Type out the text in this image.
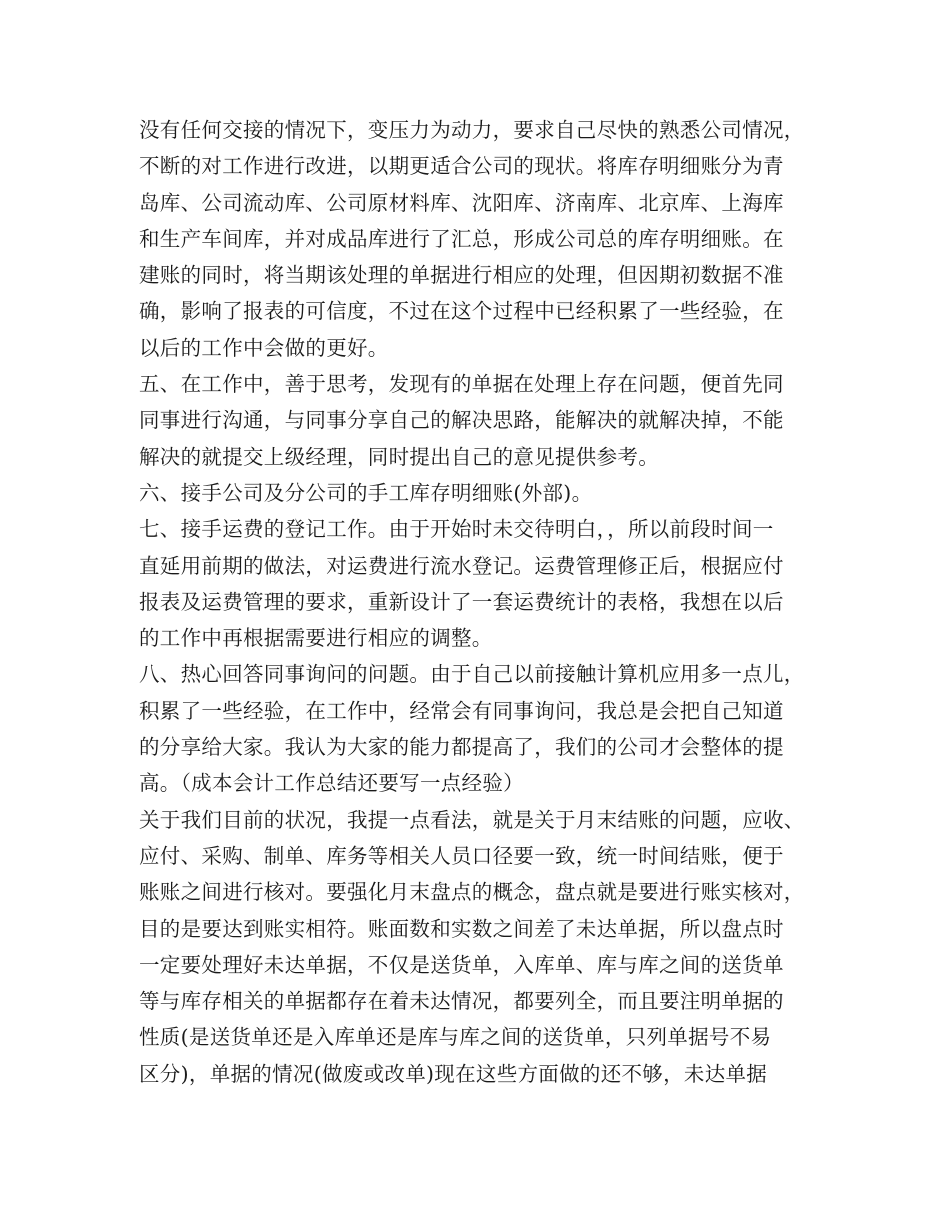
没有任何交接的情况下，变压力为动力，要求自己尽快的熟悉公司情况，

不断的对工作进行改进，以期更适合公司的现状。将库存明细账分为青

岛库、公司流动库、公司原材料库、沈阳库、济南库、北京库、上海库

和生产车间库，并对成品库进行了汇总，形成公司总的库存明细账。在

建账的同时，将当期该处理的单据进行相应的处理，但因期初数据不准

确，影响了报表的可信度，不过在这个过程中已经积累了一些经验，在

以后的工作中会做的更好。

五、在工作中，善于思考，发现有的单据在处理上存在问题，便首先同

同事进行沟通，与同事分享自己的解决思路，能解决的就解决掉，不能

解决的就提交上级经理，同时提出自己的意见提供参考。

六、接手公司及分公司的手工库存明细账(外部)。

七、接手运费的登记工作。由于开始时未交待明白，，所以前段时间一

直延用前期的做法，对运费进行流水登记。运费管理修正后，根据应付

报表及运费管理的要求，重新设计了一套运费统计的表格，我想在以后

的工作中再根据需要进行相应的调整。

八、热心回答同事询问的问题。由于自己以前接触计算机应用多一点儿，

积累了一些经验，在工作中，经常会有同事询问，我总是会把自己知道

的分享给大家。我认为大家的能力都提高了，我们的公司才会整体的提

高。（成本会计工作总结还要写一点经验）

关于我们目前的状况，我提一点看法，就是关于月末结账的问题，应收、

应付、采购、制单、库务等相关人员口径要一致，统一时间结账，便于

账账之间进行核对。要强化月末盘点的概念，盘点就是要进行账实核对，

目的是要达到账实相符。账面数和实数之间差了未达单据，所以盘点时

一定要处理好未达单据，不仅是送货单，入库单、库与库之间的送货单

等与库存相关的单据都存在着未达情况，都要列全，而且要注明单据的

性质(是送货单还是入库单还是库与库之间的送货单，只列单据号不易

区分)，单据的情况(做废或改单)现在这些方面做的还不够，未达单据
